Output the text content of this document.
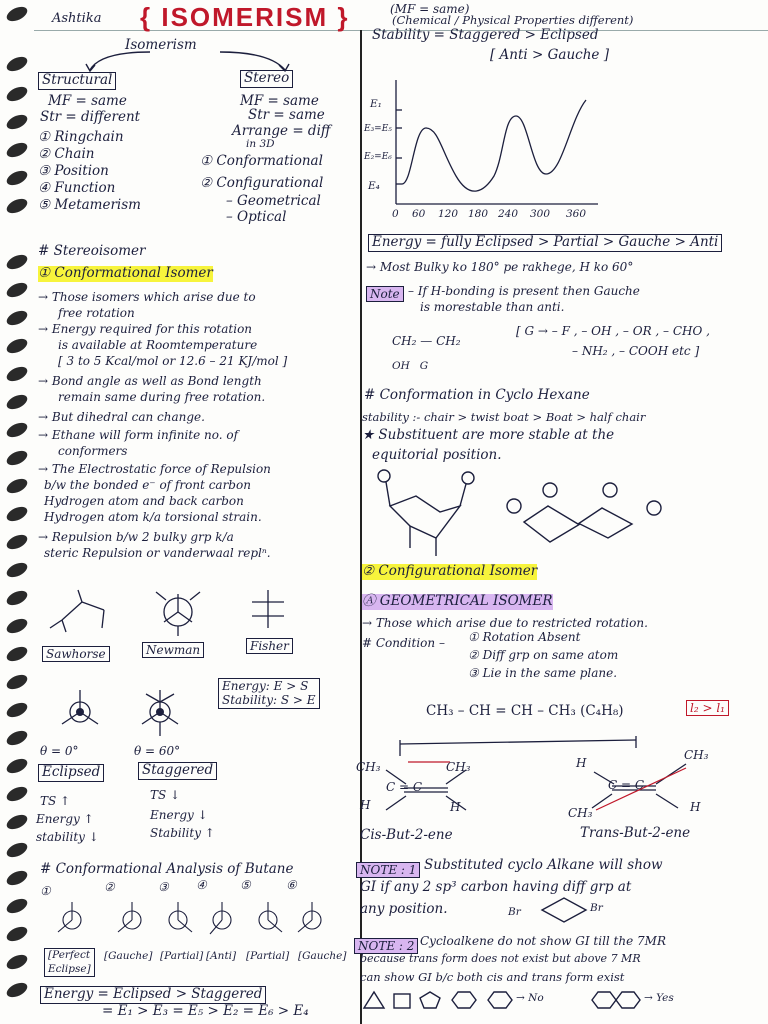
Ashtika { ISOMERISM }	(MF = same)
(Chemical / Physical Properties different)
Isomerism
Structural
MF = same
Str = different
① Ringchain
② Chain
③ Position
④ Function
⑤ Metamerism
Stereo
MF = same
Str = same
Arrange = diff
in 3D
① Conformational
② Configurational
– Geometrical
– Optical
# Stereoisomer
① Conformational Isomer
→ Those isomers which arise due to
free rotation
→ Energy required for this rotation
is available at Roomtemperature
[ 3 to 5 Kcal/mol or 12.6 – 21 KJ/mol ]
→ Bond angle as well as Bond length
remain same during free rotation.
→ But dihedral can change.
→ Ethane will form infinite no. of
conformers
→ The Electrostatic force of Repulsion
b/w the bonded e⁻ of front carbon
Hydrogen atom and back carbon
Hydrogen atom k/a torsional strain.
→ Repulsion b/w 2 bulky grp k/a
steric Repulsion or vanderwaal replⁿ.
Sawhorse	Newman	Fisher
Energy: E > S
Stability: S > E
θ = 0°
Eclipsed
TS ↑
Energy ↑
stability ↓
θ = 60°
Staggered
TS ↓
Energy ↓
Stability ↑
# Conformational Analysis of Butane
①	②	③ ④	⑤	⑥
[Perfect
Eclipse]
[Gauche] [Partial] [Anti] [Partial] [Gauche]
Energy = Eclipsed > Staggered
= E₁ > E₃ = E₅ > E₂ = E₆ > E₄
Stability = Staggered > Eclipsed
[ Anti > Gauche ]
E₁
E₃=E₅
E₂=E₆
E₄
0 60 120 180 240 300 360
Energy = fully Eclipsed > Partial > Gauche > Anti
→ Most Bulky ko 180° pe rakhege, H ko 60°
Note – If H-bonding is present then Gauche
is morestable than anti.
CH₂ — CH₂
OH   G
[ G → – F , – OH , – OR , – CHO ,
– NH₂ , – COOH etc ]
# Conformation in Cyclo Hexane
stability :- chair > twist boat > Boat > half chair
★ Substituent are more stable at the
equitorial position.
② Configurational Isomer
Ⓐ GEOMETRICAL ISOMER
→ Those which arise due to restricted rotation.
# Condition – ① Rotation Absent
② Diff grp on same atom
③ Lie in the same plane.
CH₃ – CH = CH – CH₃ (C₄H₈)	l₂ > l₁
CH₃	CH₃
C = C
H	H
H
CH₃
C = C
CH₃	H
Cis-But-2-ene	Trans-But-2-ene
NOTE : 1 Substituted cyclo Alkane will show
GI if any 2 sp³ carbon having diff grp at
any position.	Br	Br
NOTE : 2 Cycloalkene do not show GI till the 7MR
because trans form does not exist but above 7 MR
can show GI b/c both cis and trans form exist
→ No	→ Yes
